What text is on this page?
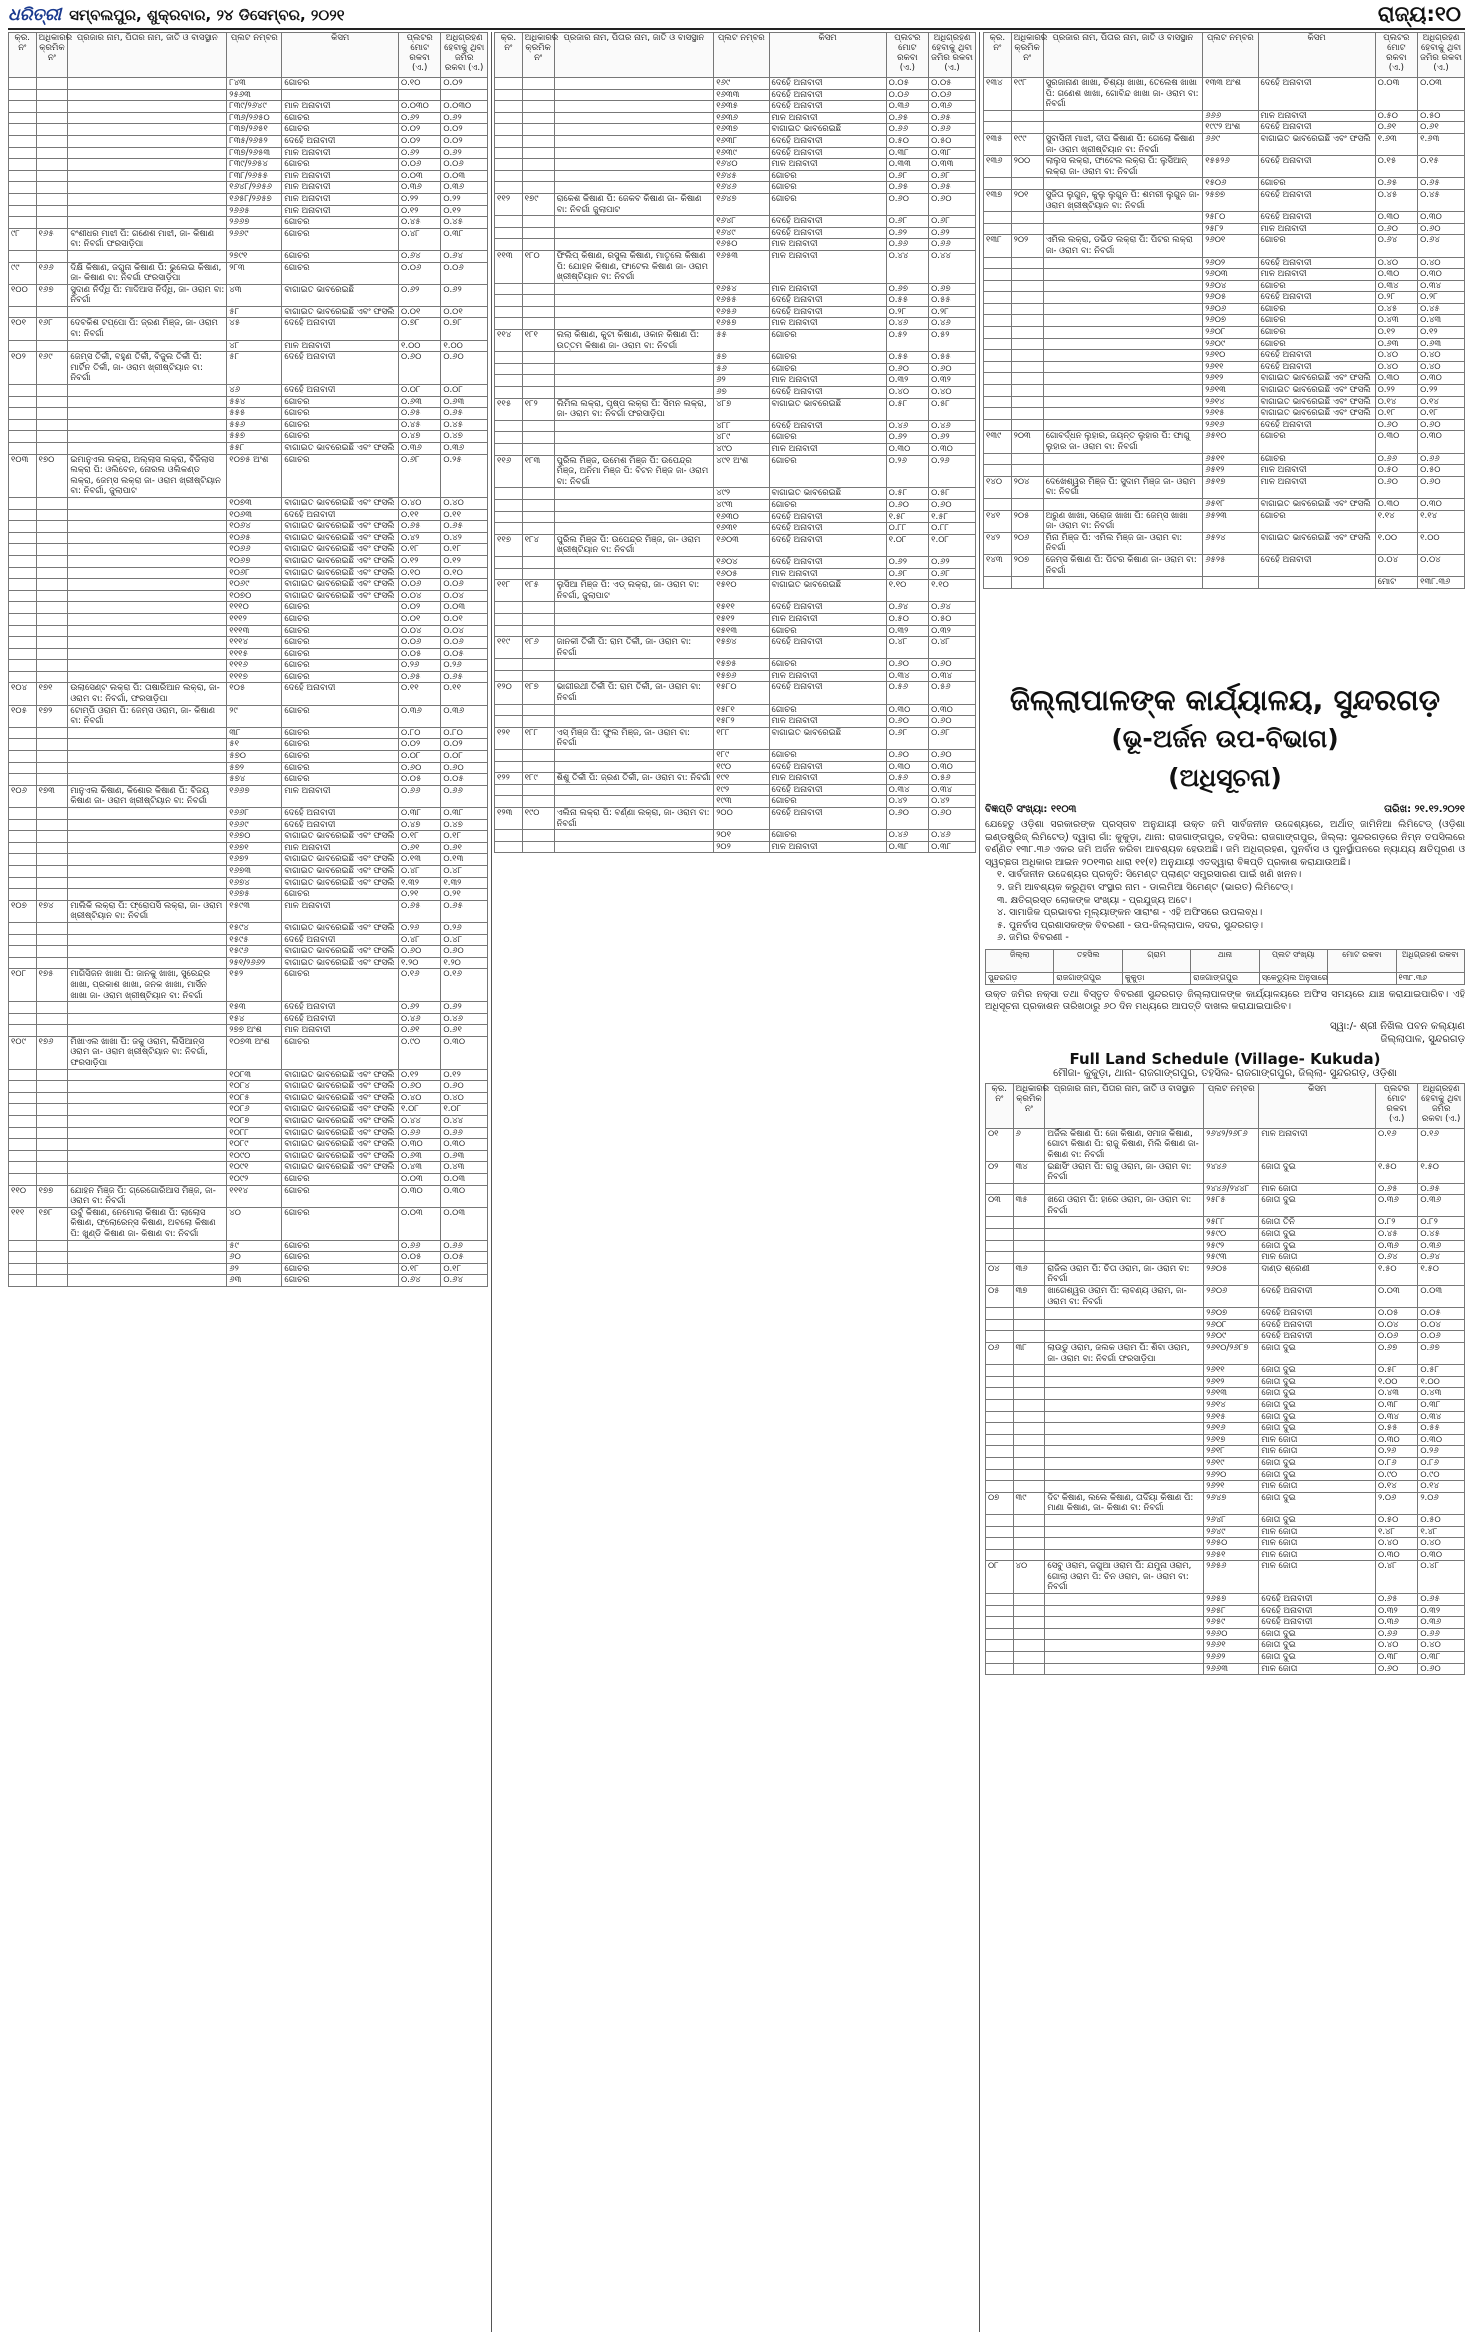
ଧରିତ୍ରୀ ସମ୍ବଲପୁର, ଶୁକ୍ରବାର, ୨୪ ଡିସେମ୍ବର, ୨୦୨୧	ରାଜ୍ୟ:୧୦
କ୍ର. ନଂ	ଅଧିକାରର କ୍ରମିକ ନଂ	ପ୍ରଜାର ନାମ, ପିତାର ନାମ, ଜାତି ଓ ବାସସ୍ଥାନ	ପ୍ଲଟ ନମ୍ବର	କିସମ	ପ୍ଲଟର ମୋଟ ରକବା (ଏ.)	ଅଧିଗ୍ରହଣ ହେବାକୁ ଥିବା ଜମିର ରକବା (ଏ.)
			୮୪୩	ଗୋଚର	୦.୧୦	୦.୦୨
			୨୫୬୩			
			୮୩୯/୨୬୪୯	ମାଳ ଅନାବାଦୀ	୦.୦୩୦	୦.୦୩୦
			୮୩୬/୨୬୫୦	ଗୋଚର	୦.୬୨	୦.୬୨
			୮୩୭/୨୬୫୧	ଗୋଚର	୦.୦୨	୦.୦୨
			୮୩୫/୨୬୫୨	ଦେହେଁ ଅନାବାଦୀ	୦.୦୨	୦.୦୨
			୮୩୭/୨୬୫୩	ମାଳ ଅନାବାଦୀ	୦.୬୨	୦.୬୨
			୮୩୯/୨୬୫୪	ଗୋଚର	୦.୦୬	୦.୦୬
			୮୩୮/୨୬୫୫	ମାଳ ଅନାବାଦୀ	୦.୦୩	୦.୦୩
			୧୬୪୮/୨୬୫୬	ମାଳ ଅନାବାଦୀ	୦.୩୬	୦.୩୬
			୧୬୫୮/୨୬୫୭	ମାଳ ଅନାବାଦୀ	୦.୨୨	୦.୨୨
			୨୬୬୫	ମାଳ ଅନାବାଦୀ	୦.୧୨	୦.୧୨
			୨୬୬୭	ଗୋଚର	୦.୪୫	୦.୪୫
୯୮	୧୬୫	ବଂଶୀଧର ମାଝୀ ପି: ଗଣେଶ ମାଝୀ, ଜା- କିଷାଣ ବା: ନିବର୍ଗା ଫରସାଡ଼ିପା	୨୬୬୯	ଗୋଚର	୦.୪୮	୦.୩୮
			୨୭୯୧	ଗୋଚର	୦.୬୪	୦.୬୪
୯୯	୧୬୬	ଦିକ୍ଷି କିଷାଣ, ଜଗୁନା କିଷାଣ ପି: ଭୁଲେଇ କିଷାଣ, ଜା- କିଷାଣ ବା: ନିବର୍ଗା ଫରସାଡ଼ିପା	୨୮୩	ଗୋଚର	୦.୦୬	୦.୦୬
୧୦୦	୧୬୭	ସୁଦାଣ ନିର୍ଦ୍ଧି ପି: ମାଦିଆସ ନିର୍ଦ୍ଧି, ଜା- ଓରାମ ବା: ନିବର୍ଗା	୪୩	ବାଗାଇତ ଭାବରେଇଛି	୦.୬୨	୦.୬୨
			୫୮	ବାଗାଇତ ଭାବରେଇଛି ଏବଂ ଫସଲି	୦.୦୧	୦.୦୧
୧୦୧	୧୬୮	ଦେବକିଶ ଟପ୍ପୋ ପି: ଜ୍ରଣ ମିଞ୍ଜ, ଜା- ଓରାମ ବା: ନିବର୍ଗା	୪୫	ଦେହେଁ ଅନାବାଦୀ	୦.୭୮	୦.୭୮
			୪୮	ମାଳ ଅନାବାଦୀ	୧.୦୦	୧.୦୦
୧୦୨	୧୬୯	ଜେମ୍ସ ତିର୍କୀ, ବହୁଣ ତିର୍କୀ, ବିଜୁଲ ତିର୍କୀ ପି: ମାର୍ଟିନ ତିର୍କୀ, ଜା- ଓରାମ ଖ୍ରୀଷ୍ଟିୟାନ ବା: ନିବର୍ଗା	୫୮	ଦେହେଁ ଅନାବାଦୀ	୦.୬୦	୦.୬୦
			୪୬	ଦେହେଁ ଅନାବାଦୀ	୦.୦୮	୦.୦୮
			୫୫୪	ଗୋଚର	୦.୬୩	୦.୬୩
			୫୫୫	ଗୋଚର	୦.୬୫	୦.୬୫
			୫୫୬	ଗୋଚର	୦.୪୫	୦.୪୫
			୫୫୭	ଗୋଚର	୦.୪୭	୦.୪୭
			୫୫୮	ବାଗାଇତ ଭାବରେଇଛି ଏବଂ ଫସଲି	୦.୩୬	୦.୩୬
୧୦୩	୧୭୦	ଇମାନୁଏଲ ଲକ୍ରା, ଅଲ୍ଲାସ ଲକ୍ରା, ବିଜିଲାସ ଲକ୍ରା ପି: ଓଲିବେନ, ନୋରଲ ଓଲିକଣ୍ଡ ଲକ୍ରା, ଜେମ୍ସ ଲକ୍ରା ଜା- ଓରାମ ଖ୍ରୀଷ୍ଟିୟାନ ବା: ନିବର୍ଗା, ଜୁଲାପାଟ	୧୦୭୫ ଅଂଶ	ଗୋଚର	୦.୬୮	୦.୨୫
			୧୦୭୩	ବାଗାଇତ ଭାବରେଇଛି ଏବଂ ଫସଲି	୦.୪୦	୦.୪୦
			୧୦୬୩	ଦେହେଁ ଅନାବାଦୀ	୦.୧୧	୦.୧୧
			୧୦୬୪	ବାଗାଇତ ଭାବରେଇଛି ଏବଂ ଫସଲି	୦.୬୫	୦.୬୫
			୧୦୬୫	ବାଗାଇତ ଭାବରେଇଛି ଏବଂ ଫସଲି	୦.୪୨	୦.୪୨
			୧୦୬୬	ବାଗାଇତ ଭାବରେଇଛି ଏବଂ ଫସଲି	୦.୧୮	୦.୧୮
			୧୦୬୭	ବାଗାଇତ ଭାବରେଇଛି ଏବଂ ଫସଲି	୦.୧୨	୦.୧୨
			୧୦୬୮	ବାଗାଇତ ଭାବରେଇଛି ଏବଂ ଫସଲି	୦.୧୦	୦.୧୦
			୧୦୬୯	ବାଗାଇତ ଭାବରେଇଛି ଏବଂ ଫସଲି	୦.୦୬	୦.୦୬
			୧୦୭୦	ବାଗାଇତ ଭାବରେଇଛି ଏବଂ ଫସଲି	୦.୦୪	୦.୦୪
			୧୧୧୦	ଗୋଚର	୦.୦୨	୦.୦୩
			୧୧୧୨	ଗୋଚର	୦.୦୧	୦.୦୧
			୧୧୧୩	ଗୋଚର	୦.୦୪	୦.୦୪
			୧୧୧୪	ଗୋଚର	୦.୦୬	୦.୦୬
			୧୧୧୫	ଗୋଚର	୦.୦୫	୦.୦୫
			୧୧୧୬	ଗୋଚର	୦.୨୬	୦.୨୬
			୧୧୧୭	ଗୋଚର	୦.୬୫	୦.୬୫
୧୦୪	୧୭୧	ଉଲାସେଣ୍ଟ ଲକ୍ରା ପି: ତାଷାରିଆନ ଲକ୍ରା, ଜା- ଓରାମ ବା: ନିବର୍ଗା, ଫରସାଡ଼ିପା	୧୦୫	ଦେହେଁ ଅନାବାଦୀ	୦.୧୧	୦.୧୧
୧୦୫	୧୭୨	ଟୋମ୍ପି ଓରାମ ପି: ଜେମ୍ସ ଓରାମ, ଜା- କିଷାଣ ବା: ନିବର୍ଗା	୨୯	ଗୋଚର	୦.୩୬	୦.୩୬
			୩୮	ଗୋଚର	୦.୮୦	୦.୮୦
			୫୧	ଗୋଚର	୦.୦୨	୦.୦୨
			୫୭୦	ଗୋଚର	୦.୦୮	୦.୦୮
			୫୭୨	ଗୋଚର	୦.୬୦	୦.୬୦
			୫୭୪	ଗୋଚର	୦.୦୫	୦.୦୫
୧୦୬	୧୭୩	ମାନୁଏଲ କିଷାଣ, କିଶୋର କିଷାଣ ପି: ବିଜୟ କିଷାଣ ଜା- ଓରାମ ଖ୍ରୀଷ୍ଟିୟାନ ବା: ନିବର୍ଗା	୧୬୬୭	ମାଳ ଅନାବାଦୀ	୦.୬୬	୦.୬୬
			୧୬୬୮	ଦେହେଁ ଅନାବାଦୀ	୦.୩୮	୦.୩୮
			୧୬୬୯	ଦେହେଁ ଅନାବାଦୀ	୦.୪୭	୦.୪୭
			୧୬୭୦	ବାଗାଇତ ଭାବରେଇଛି ଏବଂ ଫସଲି	୦.୧୮	୦.୧୮
			୧୬୭୧	ମାଳ ଅନାବାଦୀ	୦.୬୧	୦.୬୧
			୧୬୭୨	ବାଗାଇତ ଭାବରେଇଛି ଏବଂ ଫସଲି	୦.୧୩	୦.୧୩
			୧୬୭୩	ବାଗାଇତ ଭାବରେଇଛି ଏବଂ ଫସଲି	୦.୪୮	୦.୪୮
			୧୬୭୪	ବାଗାଇତ ଭାବରେଇଛି ଏବଂ ଫସଲି	୧.୩୨	୧.୩୨
			୧୬୭୫	ଗୋଚର	୦.୨୧	୦.୨୧
୧୦୭	୧୭୪	ମାଲିକି ଲକ୍ରା ପି: ଫ୍ରୋପସି ଲକ୍ରା, ଜା- ଓରାମ ଖ୍ରୀଷ୍ଟିୟାନ ବା: ନିବର୍ଗା	୧୫୯୩	ମାଳ ଅନାବାଦୀ	୦.୬୫	୦.୬୫
			୧୫୯୪	ବାଗାଇତ ଭାବରେଇଛି ଏବଂ ଫସଲି	୦.୨୬	୦.୨୬
			୧୫୯୫	ଦେହେଁ ଅନାବାଦୀ	୦.୪୮	୦.୪୮
			୧୫୯୬	ବାଗାଇତ ଭାବରେଇଛି ଏବଂ ଫସଲି	୦.୬୦	୦.୬୦
			୨୫୧/୨୬୬୨	ବାଗାଇତ ଭାବରେଇଛି ଏବଂ ଫସଲି	୧.୨୦	୧.୨୦
୧୦୮	୧୭୫	ମାଗିସିଜନ ଖାଖା ପି: ଜାନକୁ ଖାଖା, ସୁରେନ୍ଦ୍ର ଖାଖା, ପ୍ରକାଶ ଖାଖା, ଜନକ ଖାଖା, ମାର୍ସିନ ଖାଖା ଜା- ଓରାମ ଖ୍ରୀଷ୍ଟିୟାନ ବା: ନିବର୍ଗା	୧୫୨	ଗୋଚର	୦.୧୬	୦.୧୬
			୧୫୩	ଦେହେଁ ଅନାବାଦୀ	୦.୬୨	୦.୬୨
			୧୫୪	ଦେହେଁ ଅନାବାଦୀ	୦.୪୬	୦.୪୬
			୨୭୭ ଅଂଶ	ମାଳ ଅନାବାଦୀ	୦.୬୧	୦.୬୧
୧୦୯	୧୭୬	ମିଖାଏଲ ଖାଖା ପି: ଜକୁ ଓରାମ, ଲିସିଆନ୍ସ ଓରାମ ଜା- ଓରାମ ଖ୍ରୀଷ୍ଟିୟାନ ବା: ନିବର୍ଗା, ଫରସାଡ଼ିପା	୧୦୭୩ ଅଂଶ	ଗୋଚର	୦.୯୦	୦.୩୦
			୧୦୮୩	ବାଗାଇତ ଭାବରେଇଛି ଏବଂ ଫସଲି	୦.୧୨	୦.୧୨
			୧୦୮୪	ବାଗାଇତ ଭାବରେଇଛି ଏବଂ ଫସଲି	୦.୬୦	୦.୬୦
			୧୦୮୫	ବାଗାଇତ ଭାବରେଇଛି ଏବଂ ଫସଲି	୦.୪୦	୦.୪୦
			୧୦୮୬	ବାଗାଇତ ଭାବରେଇଛି ଏବଂ ଫସଲି	୧.୦୮	୧.୦୮
			୧୦୮୭	ବାଗାଇତ ଭାବରେଇଛି ଏବଂ ଫସଲି	୦.୪୪	୦.୪୪
			୧୦୮୮	ବାଗାଇତ ଭାବରେଇଛି ଏବଂ ଫସଲି	୦.୬୬	୦.୬୬
			୧୦୮୯	ବାଗାଇତ ଭାବରେଇଛି ଏବଂ ଫସଲି	୦.୩୦	୦.୩୦
			୧୦୯୦	ବାଗାଇତ ଭାବରେଇଛି ଏବଂ ଫସଲି	୦.୬୩	୦.୬୩
			୧୦୯୧	ବାଗାଇତ ଭାବରେଇଛି ଏବଂ ଫସଲି	୦.୪୩	୦.୪୩
			୧୦୯୨	ଗୋଚର	୦.୦୩	୦.୦୩
୧୧୦	୧୭୭	ଯୋହନ ମିଞ୍ଜ ପି: ଗ୍ରେଗୋରିଆସ ମିଞ୍ଜ, ଜା- ଓରାମ ବା: ନିବର୍ଗା	୧୧୧୪	ଗୋଚର	୦.୩୦	୦.୩୦
୧୧୧	୧୭୮	ଉର୍ବୁ କିଷାଣ, ନେମୋଲା କିଷାଣ ପି: ଲାଲୋସ କିଷାଣ, ଫ୍ଲୋରେନ୍ସ କିଷାଣ, ଅବଲୋ କିଷାଣ ପି: ଖୁଣ୍ଡି କିଷାଣ ଜା- କିଷାଣ ବା: ନିବର୍ଗା	୪୦	ଗୋଚର	୦.୦୩	୦.୦୩
			୫୯	ଗୋଚର	୦.୬୬	୦.୬୬
			୬୦	ଗୋଚର	୦.୦୫	୦.୦୫
			୬୨	ଗୋଚର	୦.୧୮	୦.୧୮
			୬୩	ଗୋଚର	୦.୬୪	୦.୬୪
କ୍ର. ନଂ	ଅଧିକାରର କ୍ରମିକ ନଂ	ପ୍ରଜାର ନାମ, ପିତାର ନାମ, ଜାତି ଓ ବାସସ୍ଥାନ	ପ୍ଲଟ ନମ୍ବର	କିସମ	ପ୍ଲଟର ମୋଟ ରକବା (ଏ.)	ଅଧିଗ୍ରହଣ ହେବାକୁ ଥିବା ଜମିର ରକବା (ଏ.)
			୧୬୯	ଦେହେଁ ଅନାବାଦୀ	୦.୦୫	୦.୦୫
			୧୬୩୩	ଦେହେଁ ଅନାବାଦୀ	୦.୦୬	୦.୦୬
			୧୬୩୫	ଦେହେଁ ଅନାବାଦୀ	୦.୩୬	୦.୩୬
			୧୬୩୬	ମାଳ ଅନାବାଦୀ	୦.୬୫	୦.୬୫
			୧୬୩୭	ବାଗାଇତ ଭାବରେଇଛି	୦.୬୬	୦.୬୬
			୧୬୩୮	ଦେହେଁ ଅନାବାଦୀ	୦.୫୦	୦.୫୦
			୧୬୩୯	ଦେହେଁ ଅନାବାଦୀ	୦.୩୮	୦.୩୮
			୧୬୪୦	ମାଳ ଅନାବାଦୀ	୦.୩୩	୦.୩୩
			୧୬୪୫	ଗୋଚର	୦.୬୮	୦.୬୮
			୧୬୪୬	ଗୋଚର	୦.୬୫	୦.୬୫
୧୧୨	୧୭୯	ରାକେଶ କିଷାଣ ପି: ଜେକବ କିଷାଣ ଜା- କିଷାଣ ବା: ନିବର୍ଗା ଜୁଲାପାଟ	୧୬୪୭	ଗୋଚର	୦.୬୦	୦.୬୦
			୧୬୪୮	ଦେହେଁ ଅନାବାଦୀ	୦.୬୮	୦.୬୮
			୧୬୪୯	ଦେହେଁ ଅନାବାଦୀ	୦.୬୨	୦.୬୨
			୧୬୫୦	ମାଳ ଅନାବାଦୀ	୦.୬୬	୦.୬୬
୧୧୩	୧୮୦	ଫିଲିପ୍ କିଷାଣ, ରସୁଲ କିଷାଣ, ମାତୃଲେ କିଷାଣ ପି: ଯୋହନ କିଷାଣ, ଫାଟେଲ କିଷାଣ ଜା- ଓରାମ ଖ୍ରୀଷ୍ଟିୟାନ ବା: ନିବର୍ଗା	୧୬୫୩	ମାଳ ଅନାବାଦୀ	୦.୪୪	୦.୪୪
			୧୬୫୪	ମାଳ ଅନାବାଦୀ	୦.୬୭	୦.୬୭
			୧୬୫୫	ଦେହେଁ ଅନାବାଦୀ	୦.୫୫	୦.୫୫
			୧୬୫୬	ଦେହେଁ ଅନାବାଦୀ	୦.୨୮	୦.୨୮
			୧୬୫୭	ମାଳ ଅନାବାଦୀ	୦.୪୬	୦.୪୬
୧୧୪	୧୮୧	ଲଲା କିଷାଣ, କୁଟା କିଷାଣ, ଓକାନ କିଷାଣ ପି: ଉତ୍ତମ କିଷାଣ ଜା- ଓରାମ ବା: ନିବର୍ଗା	୫୫	ଗୋଚର	୦.୫୨	୦.୫୨
			୫୭	ଗୋଚର	୦.୫୫	୦.୫୫
			୫୬	ଗୋଚର	୦.୬୦	୦.୬୦
			୬୨	ମାଳ ଅନାବାଦୀ	୦.୩୨	୦.୩୨
			୬୭	ଦେହେଁ ଅନାବାଦୀ	୦.୪୦	୦.୪୦
୧୧୫	୧୮୨	ଲିମିଲ ଲକ୍ରା, ପୃଷ୍ପ ଲକ୍ରା ପି: ସିମନ ଲକ୍ରା, ଜା- ଓରାମ ବା: ନିବର୍ଗା ଫରସାଡ଼ିପା	୪୮୭	ବାଗାଇତ ଭାବରେଇଛି	୦.୫୮	୦.୫୮
			୪୮୮	ଦେହେଁ ଅନାବାଦୀ	୦.୪୬	୦.୪୬
			୪୮୯	ଗୋଚର	୦.୬୨	୦.୬୨
			୪୯୦	ମାଳ ଅନାବାଦୀ	୦.୩୦	୦.୩୦
୧୧୬	୧୮୩	ପୁରିଲ ମିଞ୍ଜ, ଉମେଶ ମିଞ୍ଜ ପି: ଉପେନ୍ଦ୍ର ମିଞ୍ଜ, ଅନିମା ମିଞ୍ଜ ପି: ବିଟନ ମିଞ୍ଜ ଜା- ଓରାମ ବା: ନିବର୍ଗା	୪୯୧ ଅଂଶ	ଗୋଚର	୦.୨୬	୦.୨୬
			୪୯୨	ବାଗାଇତ ଭାବରେଇଛି	୦.୫୮	୦.୫୮
			୪୯୩	ଗୋଚର	୦.୬୦	୦.୬୦
			୧୬୩୦	ଦେହେଁ ଅନାବାଦୀ	୧.୫୮	୧.୫୮
			୧୬୩୧	ଦେହେଁ ଅନାବାଦୀ	୦.୮୮	୦.୮୮
୧୧୭	୧୮୪	ପୁରିଲ ମିଞ୍ଜ ପି: ଉପେନ୍ଦ୍ର ମିଞ୍ଜ, ଜା- ଓରାମ ଖ୍ରୀଷ୍ଟିୟାନ ବା: ନିବର୍ଗା	୧୬୦୩	ଦେହେଁ ଅନାବାଦୀ	୧.୦୮	୧.୦୮
			୧୬୦୪	ଦେହେଁ ଅନାବାଦୀ	୦.୬୨	୦.୬୨
			୧୬୦୫	ମାଳ ଅନାବାଦୀ	୦.୬୮	୦.୬୮
୧୧୮	୧୮୫	ଲୁସିଆ ମିଞ୍ଜ ପି: ଏଡ୍ ଲକ୍ରା, ଜା- ଓରାମ ବା: ନିବର୍ଗା, ଜୁଲାପାଟ	୧୫୧୦	ବାଗାଇତ ଭାବରେଇଛି	୧.୧୦	୧.୧୦
			୧୫୧୧	ଦେହେଁ ଅନାବାଦୀ	୦.୬୪	୦.୬୪
			୧୫୧୨	ମାଳ ଅନାବାଦୀ	୦.୫୦	୦.୫୦
			୧୫୧୩	ଗୋଚର	୦.୩୨	୦.୩୨
୧୧୯	୧୮୬	ଜାନକୀ ତିର୍କୀ ପି: ରାମ ତିର୍କୀ, ଜା- ଓରାମ ବା: ନିବର୍ଗା	୧୫୭୪	ଦେହେଁ ଅନାବାଦୀ	୦.୪୮	୦.୪୮
			୧୫୭୫	ଗୋଚର	୦.୬୦	୦.୬୦
			୧୫୭୬	ମାଳ ଅନାବାଦୀ	୦.୩୪	୦.୩୪
୧୨୦	୧୮୭	ଭାଗୀରଥୀ ତିର୍କୀ ପି: ରାମ ତିର୍କୀ, ଜା- ଓରାମ ବା: ନିବର୍ଗା	୧୫୮୦	ଦେହେଁ ଅନାବାଦୀ	୦.୫୬	୦.୫୬
			୧୫୮୧	ଗୋଚର	୦.୩୦	୦.୩୦
			୧୫୮୨	ମାଳ ଅନାବାଦୀ	୦.୬୦	୦.୬୦
୧୨୧	୧୮୮	ଏସ୍ ମିଞ୍ଜ ପି: ଫୁଲ ମିଞ୍ଜ, ଜା- ଓରାମ ବା: ନିବର୍ଗା	୧୮୮	ବାଗାଇତ ଭାବରେଇଛି	୦.୬୮	୦.୬୮
			୧୮୯	ଗୋଚର	୦.୬୦	୦.୬୦
			୧୯୦	ଦେହେଁ ଅନାବାଦୀ	୦.୩୦	୦.୩୦
୧୨୨	୧୮୯	ଶିଶୁ ତିର୍କୀ ପି: ଜ୍ରଣ ତିର୍କୀ, ଜା- ଓରାମ ବା: ନିବର୍ଗା	୧୯୧	ମାଳ ଅନାବାଦୀ	୦.୫୬	୦.୫୬
			୧୯୨	ଦେହେଁ ଅନାବାଦୀ	୦.୩୪	୦.୩୪
			୧୯୩	ଗୋଚର	୦.୪୨	୦.୪୨
୧୨୩	୧୯୦	ଏଲିନା ଲକ୍ରା ପି: ବର୍ଣ୍ଣା ଲକ୍ରା, ଜା- ଓରାମ ବା: ନିବର୍ଗା	୨୦୦	ଦେହେଁ ଅନାବାଦୀ	୦.୬୦	୦.୬୦
			୨୦୧	ଗୋଚର	୦.୪୬	୦.୪୬
			୨୦୨	ମାଳ ଅନାବାଦୀ	୦.୩୮	୦.୩୮
କ୍ର. ନଂ	ଅଧିକାରର କ୍ରମିକ ନଂ	ପ୍ରଜାର ନାମ, ପିତାର ନାମ, ଜାତି ଓ ବାସସ୍ଥାନ	ପ୍ଲଟ ନମ୍ବର	କିସମ	ପ୍ଲଟର ମୋଟ ରକବା (ଏ.)	ଅଧିଗ୍ରହଣ ହେବାକୁ ଥିବା ଜମିର ରକବା (ଏ.)
୧୩୪	୧୯୮	ସୁରଜାନାଣ ଖାଖା, ଚିଶ୍ୟା ଖାଖା, ତେଲେଷ ଖାଖା ପି: ଗଣେଶ ଖାଖା, ଗୋବିନ୍ଦ ଖାଖା ଜା- ଓରାମ ବା: ନିବର୍ଗା	୧୩୩ ଅଂଶ	ଦେହେଁ ଅନାବାଦୀ	୦.୦୩	୦.୦୩
			୬୬୬	ମାଳ ଅନାବାଦୀ	୦.୫୦	୦.୫୦
			୧୯୯୨ ଅଂଶ	ଦେହେଁ ଅନାବାଦୀ	୦.୬୧	୦.୬୧
୧୩୫	୧୯୯	ସୁବାସିନୀ ମାଝୀ, ଦୀପ କିଷାଣ ପି: ଗେଲୋ କିଷାଣ ଜା- ଓରାମ ଖ୍ରୀଷ୍ଟିୟାନ ବା: ନିବର୍ଗା	୬୬୯	ବାଗାଇତ ଭାବରେଇଛି ଏବଂ ଫସଲି	୧.୬୩	୧.୬୩
୧୩୬	୨୦୦	ଲାଲୁସ ଲକ୍ରା, ଫାଟେଲ ଲକ୍ରା ପି: ଲୁସିଆନ୍ ଲକ୍ରା ଜା- ଓରାମ ବା: ନିବର୍ଗା	୧୫୫୨୬	ଦେହେଁ ଅନାବାଦୀ	୦.୧୫	୦.୧୫
			୧୫୦୬	ଗୋଚର	୦.୬୫	୦.୬୫
୧୩୭	୨୦୧	ସୁଜିତା ଲୁଗୁନ, କୁଲୁ ଲୁଗୁନ ପି: ଶମରୀ ଲୁଗୁନ ଜା- ଓରାମ ଖ୍ରୀଷ୍ଟିୟାନ ବା: ନିବର୍ଗା	୨୫୭୭	ଦେହେଁ ଅନାବାଦୀ	୦.୪୫	୦.୪୫
			୨୫୮୦	ଦେହେଁ ଅନାବାଦୀ	୦.୩୦	୦.୩୦
			୨୫୮୨	ମାଳ ଅନାବାଦୀ	୦.୬୦	୦.୬୦
୧୩୮	୨୦୨	ଏମିଲ ଲକ୍ରା, ଡଭିଡ ଲକ୍ରା ପି: ପିଟର ଲକ୍ରା ଜା- ଓରାମ ବା: ନିବର୍ଗା	୨୬୦୧	ଗୋଚର	୦.୬୪	୦.୬୪
			୨୬୦୨	ଦେହେଁ ଅନାବାଦୀ	୦.୪୦	୦.୪୦
			୨୬୦୩	ମାଳ ଅନାବାଦୀ	୦.୩୦	୦.୩୦
			୨୬୦୪	ଗୋଚର	୦.୩୪	୦.୩୪
			୨୬୦୫	ଦେହେଁ ଅନାବାଦୀ	୦.୨୮	୦.୨୮
			୨୬୦୬	ଗୋଚର	୦.୪୫	୦.୪୫
			୨୬୦୭	ଗୋଚର	୦.୪୩	୦.୪୩
			୨୬୦୮	ଗୋଚର	୦.୧୨	୦.୧୨
			୨୬୦୯	ଗୋଚର	୦.୬୩	୦.୬୩
			୨୬୧୦	ଦେହେଁ ଅନାବାଦୀ	୦.୪୦	୦.୪୦
			୨୬୧୧	ଦେହେଁ ଅନାବାଦୀ	୦.୪୦	୦.୪୦
			୨୬୧୨	ବାଗାଇତ ଭାବରେଇଛି ଏବଂ ଫସଲି	୦.୩୦	୦.୩୦
			୨୬୧୩	ବାଗାଇତ ଭାବରେଇଛି ଏବଂ ଫସଲି	୦.୨୨	୦.୨୨
			୨୬୧୪	ବାଗାଇତ ଭାବରେଇଛି ଏବଂ ଫସଲି	୦.୧୪	୦.୧୪
			୨୬୧୫	ବାଗାଇତ ଭାବରେଇଛି ଏବଂ ଫସଲି	୦.୧୮	୦.୧୮
			୨୬୧୬	ଦେହେଁ ଅନାବାଦୀ	୦.୬୦	୦.୬୦
୧୩୯	୨୦୩	ଗୋବର୍ଦ୍ଧନ ଲୁହାର, ଜୟନ୍ତ ଲୁହାର ପି: ଫାଗୁ ଲୁହାର ଜା- ଓରାମ ବା: ନିବର୍ଗା	୬୫୧୦	ଗୋଚର	୦.୩୦	୦.୩୦
			୬୫୧୧	ଗୋଚର	୦.୬୬	୦.୬୬
			୬୫୧୨	ମାଳ ଅନାବାଦୀ	୦.୫୦	୦.୫୦
୧୪୦	୨୦୪	ଦେଖେଶ୍ୱର ମିଞ୍ଜ ପି: ସୁଦାମ ମିଞ୍ଜ ଜା- ଓରାମ ବା: ନିବର୍ଗା	୬୫୧୭	ମାଳ ଅନାବାଦୀ	୦.୬୦	୦.୬୦
			୬୫୧୮	ବାଗାଇତ ଭାବରେଇଛି ଏବଂ ଫସଲି	୦.୩୦	୦.୩୦
୧୪୧	୨୦୫	ଅରୁଣ ଖାଖା, ସରୋଜ ଖାଖା ପି: ଜେମ୍ସ ଖାଖା ଜା- ଓରାମ ବା: ନିବର୍ଗା	୬୫୨୩	ଗୋଚର	୧.୧୪	୧.୧୪
୧୪୨	୨୦୬	ମିନା ମିଞ୍ଜ ପି: ଏମିଲ ମିଞ୍ଜ ଜା- ଓରାମ ବା: ନିବର୍ଗା	୬୫୨୪	ବାଗାଇତ ଭାବରେଇଛି ଏବଂ ଫସଲି	୧.୦୦	୧.୦୦
୧୪୩	୨୦୭	ଜେମ୍ସ କିଷାଣ ପି: ପିଟର କିଷାଣ ଜା- ଓରାମ ବା: ନିବର୍ଗା	୬୫୨୫	ଦେହେଁ ଅନାବାଦୀ	୦.୦୪	୦.୦୪
					ମୋଟ	୧୩୮.୩୬
ଜିଲ୍ଲାପାଳଙ୍କ କାର୍ଯ୍ୟାଳୟ, ସୁନ୍ଦରଗଡ଼
(ଭୂ-ଅର୍ଜନ ଉପ-ବିଭାଗ)
(ଅଧିସୂଚନା)
ବିଜ୍ଞପ୍ତି ସଂଖ୍ୟା: ୧୧୦୩	ତାରିଖ: ୨୧.୧୨.୨୦୨୧
ଯେହେତୁ ଓଡ଼ିଶା ସରକାରଙ୍କ ପ୍ରସ୍ତାବ ଅନୁଯାୟୀ ଉକ୍ତ ଜମି ସାର୍ବଜନୀନ ଉଦ୍ଦେଶ୍ୟରେ, ଅର୍ଥାତ୍ ଜାମିନିଆ ଲିମିଟେଡ୍ (ଓଡ଼ିଶା ଇଣ୍ଡଷ୍ଟ୍ରିଜ୍ ଲିମିଟେଡ୍) ଦ୍ୱାରା ଗାଁ: କୁକୁଡ଼ା, ଥାନା: ରାଜଗାଙ୍ଗପୁର, ତହସିଲ: ରାଜଗାଙ୍ଗପୁର, ଜିଲ୍ଲା: ସୁନ୍ଦରଗଡ଼ରେ ନିମ୍ନ ତପସିଲରେ ବର୍ଣ୍ଣିତ ୧୩୮.୩୬ ଏକର ଜମି ଅର୍ଜନ କରିବା ଆବଶ୍ୟକ ହେଉଅଛି। ଜମି ଅଧିଗ୍ରହଣ, ପୁନର୍ବାସ ଓ ପୁନର୍ସ୍ଥାପନରେ ନ୍ୟାଯ୍ୟ କ୍ଷତିପୂରଣ ଓ ସ୍ୱଚ୍ଛତା ଅଧିକାର ଆଇନ ୨୦୧୩ର ଧାରା ୧୧(୧) ଅନୁଯାୟୀ ଏତଦ୍ୱାରା ବିଜ୍ଞପ୍ତି ପ୍ରକାଶ କରାଯାଉଅଛି।
୧. ସାର୍ବଜନୀନ ଉଦ୍ଦେଶ୍ୟର ପ୍ରକୃତି: ସିମେଣ୍ଟ ପ୍ଲାଣ୍ଟ ସମ୍ପ୍ରସାରଣ ପାଇଁ ଖଣି ଖନନ।
୨. ଜମି ଆବଶ୍ୟକ କରୁଥିବା ସଂସ୍ଥାର ନାମ - ଡାଲମିଆ ସିମେଣ୍ଟ (ଭାରତ) ଲିମିଟେଡ୍।
୩. କ୍ଷତିଗ୍ରସ୍ତ ଲୋକଙ୍କ ସଂଖ୍ୟା - ପ୍ରଯୁଜ୍ୟ ଅଟେ।
୪. ସାମାଜିକ ପ୍ରଭାବର ମୂଲ୍ୟାଙ୍କନ ସାରାଂଶ - ଏହି ଅଫିସରେ ଉପଲବ୍ଧ।
୫. ପୁନର୍ବାସ ପ୍ରଶାସକଙ୍କ ବିବରଣୀ - ଉପ-ଜିଲ୍ଲାପାଳ, ସଦର, ସୁନ୍ଦରଗଡ଼।
୬. ଜମିର ବିବରଣୀ -
ଜିଲ୍ଲା	ତହସିଲ	ଗ୍ରାମ	ଥାନା	ପ୍ଲଟ ସଂଖ୍ୟା	ମୋଟ ରକବା	ଅଧିଗ୍ରହଣ ରକବା
ସୁନ୍ଦରଗଡ଼	ରାଜଗାଙ୍ଗପୁର	କୁକୁଡ଼ା	ରାଜଗାଙ୍ଗପୁର	ସ୍କେଡ୍ୟୁଲ ଅନୁସାରେ		୧୩୮.୩୬
ଉକ୍ତ ଜମିର ନକ୍ସା ତଥା ବିସ୍ତୃତ ବିବରଣୀ ସୁନ୍ଦରଗଡ଼ ଜିଲ୍ଲାପାଳଙ୍କ କାର୍ଯ୍ୟାଳୟରେ ଅଫିସ ସମୟରେ ଯାଞ୍ଚ କରାଯାଇପାରିବ। ଏହି ଅଧିସୂଚନା ପ୍ରକାଶନ ତାରିଖଠାରୁ ୬୦ ଦିନ ମଧ୍ୟରେ ଆପତ୍ତି ଦାଖଲ କରାଯାଇପାରିବ।
ସ୍ୱା:/- ଶ୍ରୀ ନିଖିଲ ପବନ କଲ୍ୟାଣ
ଜିଲ୍ଲାପାଳ, ସୁନ୍ଦରଗଡ଼
Full Land Schedule (Village- Kukuda)
ମୌଜା- କୁକୁଡ଼ା, ଥାନା- ରାଜଗାଙ୍ଗପୁର, ତହସିଲ- ରାଜଗାଙ୍ଗପୁର, ଜିଲ୍ଲା- ସୁନ୍ଦରଗଡ଼, ଓଡ଼ିଶା
କ୍ର. ନଂ	ଅଧିକାରର କ୍ରମିକ ନଂ	ପ୍ରଜାର ନାମ, ପିତାର ନାମ, ଜାତି ଓ ବାସସ୍ଥାନ	ପ୍ଲଟ ନମ୍ବର	କିସମ	ପ୍ଲଟର ମୋଟ ରକବା (ଏ.)	ଅଧିଗ୍ରହଣ ହେବାକୁ ଥିବା ଜମିର ରକବା (ଏ.)
୦୧	୬	ଅର୍ଜିଲ କିଷାଣ ପି: ଜୋ କିଷାଣ, ସମାଜ କିଷାଣ, ଗୋଟା କିଷାଣ ପି: ରାଜୁ କିଷାଣ, ମିଲି କିଷାଣ ଜା- କିଷାଣ ବା: ନିବର୍ଗା	୨୬୪୨/୨୬୮୬	ମାଳ ଅନାବାଦୀ	୦.୧୬	୦.୧୬
୦୨	୩୪	ଇଛାସିଂ ଓରାମ ପି: ରାଜୁ ଓରାମ, ଜା- ଓରାମ ବା: ନିବର୍ଗା	୨୪୪୬	ଜୋତା ଦୁଇ	୧.୫୦	୧.୫୦
			୨୪୪୬/୨୪୪୮	ମାଳ ଜୋତା	୦.୬୫	୦.୬୫
୦୩	୩୫	ଖଗେ ଓରାମ ପି: ହାରେ ଓରାମ, ଜା- ଓରାମ ବା: ନିବର୍ଗା	୨୫୮୫	ଜୋତା ଦୁଇ	୦.୩୬	୦.୩୬
			୨୫୮୮	ଜୋତା ତିନି	୦.୮୨	୦.୮୨
			୨୫୯୦	ଜୋତା ଦୁଇ	୦.୪୫	୦.୪୫
			୨୫୯୨	ଜୋତା ଦୁଇ	୦.୩୬	୦.୩୬
			୨୫୯୩	ମାଳ ଜୋତା	୦.୬୪	୦.୬୪
୦୪	୩୬	ରାଜିଲ ଓରାମ ପି: ଚିତା ଓରାମ, ଜା- ଓରାମ ବା: ନିବର୍ଗା	୨୬୦୫	ଦାଣ୍ଡ ଶ୍ରେଣୀ	୧.୫୦	୧.୫୦
୦୫	୩୭	ଖାଗେଶ୍ୱର ଓରାମ ପି: ଲାବଣ୍ୟ ଓରାମ, ଜା- ଓରାମ ବା: ନିବର୍ଗା	୨୬୦୬	ଦେହେଁ ଅନାବାଦୀ	୦.୦୩	୦.୦୩
			୨୬୦୭	ଦେହେଁ ଅନାବାଦୀ	୦.୦୫	୦.୦୫
			୨୬୦୮	ଦେହେଁ ଅନାବାଦୀ	୦.୦୪	୦.୦୪
			୨୬୦୯	ଦେହେଁ ଅନାବାଦୀ	୦.୦୬	୦.୦୬
୦୬	୩୮	ଲାଉଡୁ ଓରାମ, ଜଲକ ଓରାମ ପି: ଶିବା ଓରାମ, ଜା- ଓରାମ ବା: ନିବର୍ଗା ଫରସାଡ଼ିପା	୨୬୧୦/୨୬୮୭	ଜୋତା ଦୁଇ	୦.୬୭	୦.୬୭
			୨୬୧୧	ଜୋତା ଦୁଇ	୦.୫୮	୦.୫୮
			୨୬୧୨	ଜୋତା ଦୁଇ	୧.୦୦	୧.୦୦
			୨୬୧୩	ଜୋତା ଦୁଇ	୦.୪୩	୦.୪୩
			୨୬୧୪	ଜୋତା ଦୁଇ	୦.୩୮	୦.୩୮
			୨୬୧୫	ଜୋତା ଦୁଇ	୦.୩୪	୦.୩୪
			୨୬୧୬	ଜୋତା ଦୁଇ	୦.୫୫	୦.୫୫
			୨୬୧୭	ମାଳ ଜୋତା	୦.୩୦	୦.୩୦
			୨୬୧୮	ମାଳ ଜୋତା	୦.୨୬	୦.୨୬
			୨୬୧୯	ଜୋତା ଦୁଇ	୦.୮୬	୦.୮୬
			୨୬୨୦	ଜୋତା ଦୁଇ	୦.୯୦	୦.୯୦
			୨୬୨୧	ମାଳ ଜୋତା	୦.୧୪	୦.୧୪
୦୭	୩୯	ଦିଟ କିଷାଣ, ଲଲେ କିଷାଣ, ତାଦିଁୟା କିଷାଣ ପି: ମାଣା କିଷାଣ, ଜା- କିଷାଣ ବା: ନିବର୍ଗା	୨୬୪୭	ଜୋତା ଦୁଇ	୨.୦୬	୨.୦୬
			୨୬୪୮	ଜୋତା ଦୁଇ	୦.୫୦	୦.୫୦
			୨୬୪୯	ମାଳ ଜୋତା	୧.୪୮	୧.୪୮
			୨୬୫୦	ମାଳ ଜୋତା	୦.୪୦	୦.୪୦
			୨୬୫୧	ମାଳ ଜୋତା	୦.୩୦	୦.୩୦
୦୮	୪୦	ସେବୁ ଓରାମ, ଜଗୁଆ ଓରାମ ପି: ଯମୁନା ଓରାମ, ଗୋଲା ଓରାମ ପି: ଚିନ ଓରାମ, ଜା- ଓରାମ ବା: ନିବର୍ଗା	୨୬୫୬	ମାଳ ଜୋତା	୦.୪୮	୦.୪୮
			୨୬୫୭	ଦେହେଁ ଅନାବାଦୀ	୦.୬୫	୦.୬୫
			୨୬୫୮	ଦେହେଁ ଅନାବାଦୀ	୦.୩୨	୦.୩୨
			୨୬୫୯	ଦେହେଁ ଅନାବାଦୀ	୦.୩୬	୦.୩୬
			୨୬୬୦	ଜୋତା ଦୁଇ	୦.୬୬	୦.୬୬
			୨୬୬୧	ଜୋତା ଦୁଇ	୦.୪୦	୦.୪୦
			୨୬୬୨	ଜୋତା ଦୁଇ	୦.୩୮	୦.୩୮
			୨୬୬୩	ମାଳ ଜୋତା	୦.୬୦	୦.୬୦
